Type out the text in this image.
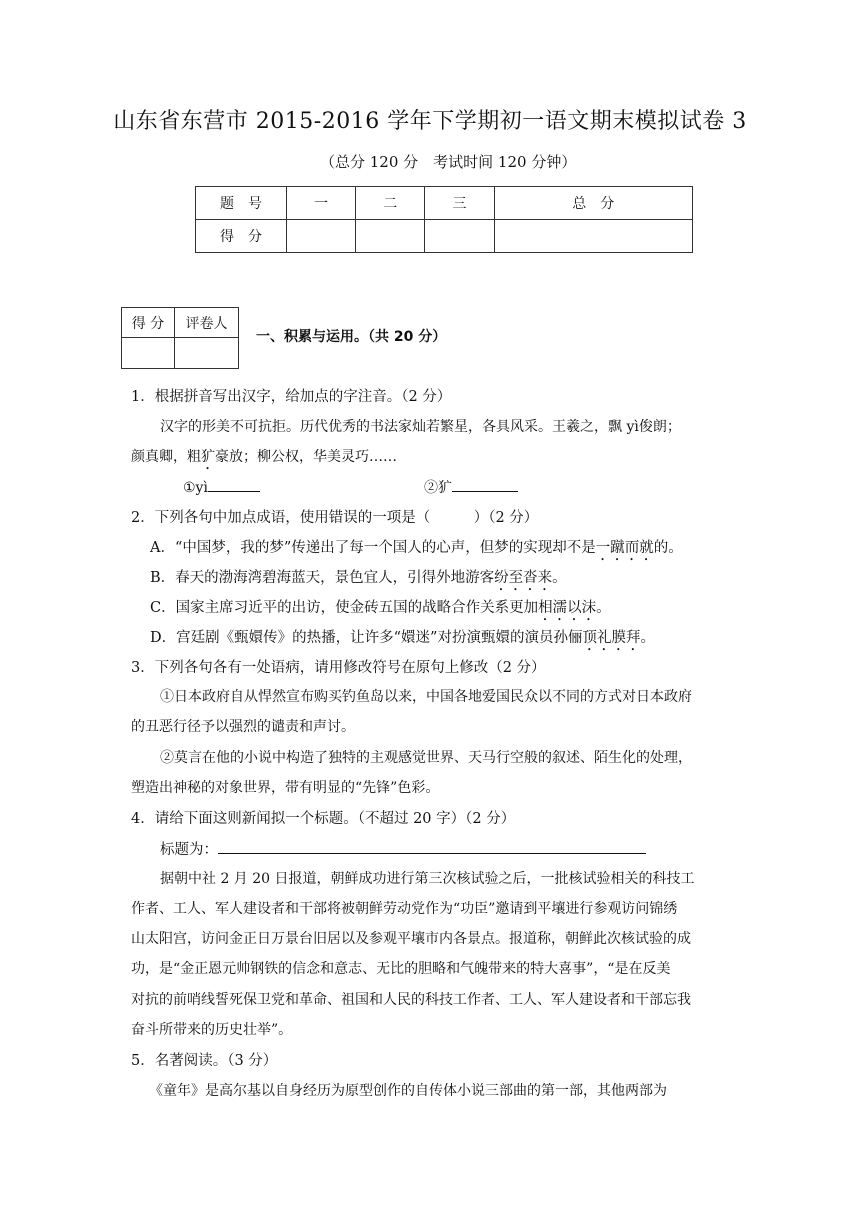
山东省东营市 2015-2016 学年下学期初一语文期末模拟试卷 3
（总分 120 分　考试时间 120 分钟）
题　号	一	二	三	总　分
得　分				
得 分	评卷人

一、积累与运用。（共 20 分）
1．根据拼音写出汉字，给加点的字注音。（2 分）
汉字的形美不可抗拒。历代优秀的书法家灿若繁星，各具风采。王羲之，飘 yì俊朗；
颜真卿，粗犷豪放；柳公权，华美灵巧……
①yì	②犷
2．下列各句中加点成语，使用错误的一项是（　　　）（2 分）
A．“中国梦，我的梦”传递出了每一个国人的心声，但梦的实现却不是一蹴而就的。
B．春天的渤海湾碧海蓝天，景色宜人，引得外地游客纷至沓来。
C．国家主席习近平的出访，使金砖五国的战略合作关系更加相濡以沫。
D．宫廷剧《甄嬛传》的热播，让许多“嬛迷”对扮演甄嬛的演员孙俪顶礼膜拜。
3．下列各句各有一处语病，请用修改符号在原句上修改（2 分）
①日本政府自从悍然宣布购买钓鱼岛以来，中国各地爱国民众以不同的方式对日本政府
的丑恶行径予以强烈的谴责和声讨。
②莫言在他的小说中构造了独特的主观感觉世界、天马行空般的叙述、陌生化的处理，
塑造出神秘的对象世界，带有明显的“先锋”色彩。
4．请给下面这则新闻拟一个标题。（不超过 20 字）（2 分）
标题为：
据朝中社 2 月 20 日报道，朝鲜成功进行第三次核试验之后，一批核试验相关的科技工
作者、工人、军人建设者和干部将被朝鲜劳动党作为“功臣”邀请到平壤进行参观访问锦绣
山太阳宫，访问金正日万景台旧居以及参观平壤市内各景点。报道称，朝鲜此次核试验的成
功，是“金正恩元帅钢铁的信念和意志、无比的胆略和气魄带来的特大喜事”，“是在反美
对抗的前哨线誓死保卫党和革命、祖国和人民的科技工作者、工人、军人建设者和干部忘我
奋斗所带来的历史壮举”。
5．名著阅读。（3 分）
《童年》是高尔基以自身经历为原型创作的自传体小说三部曲的第一部，其他两部为
